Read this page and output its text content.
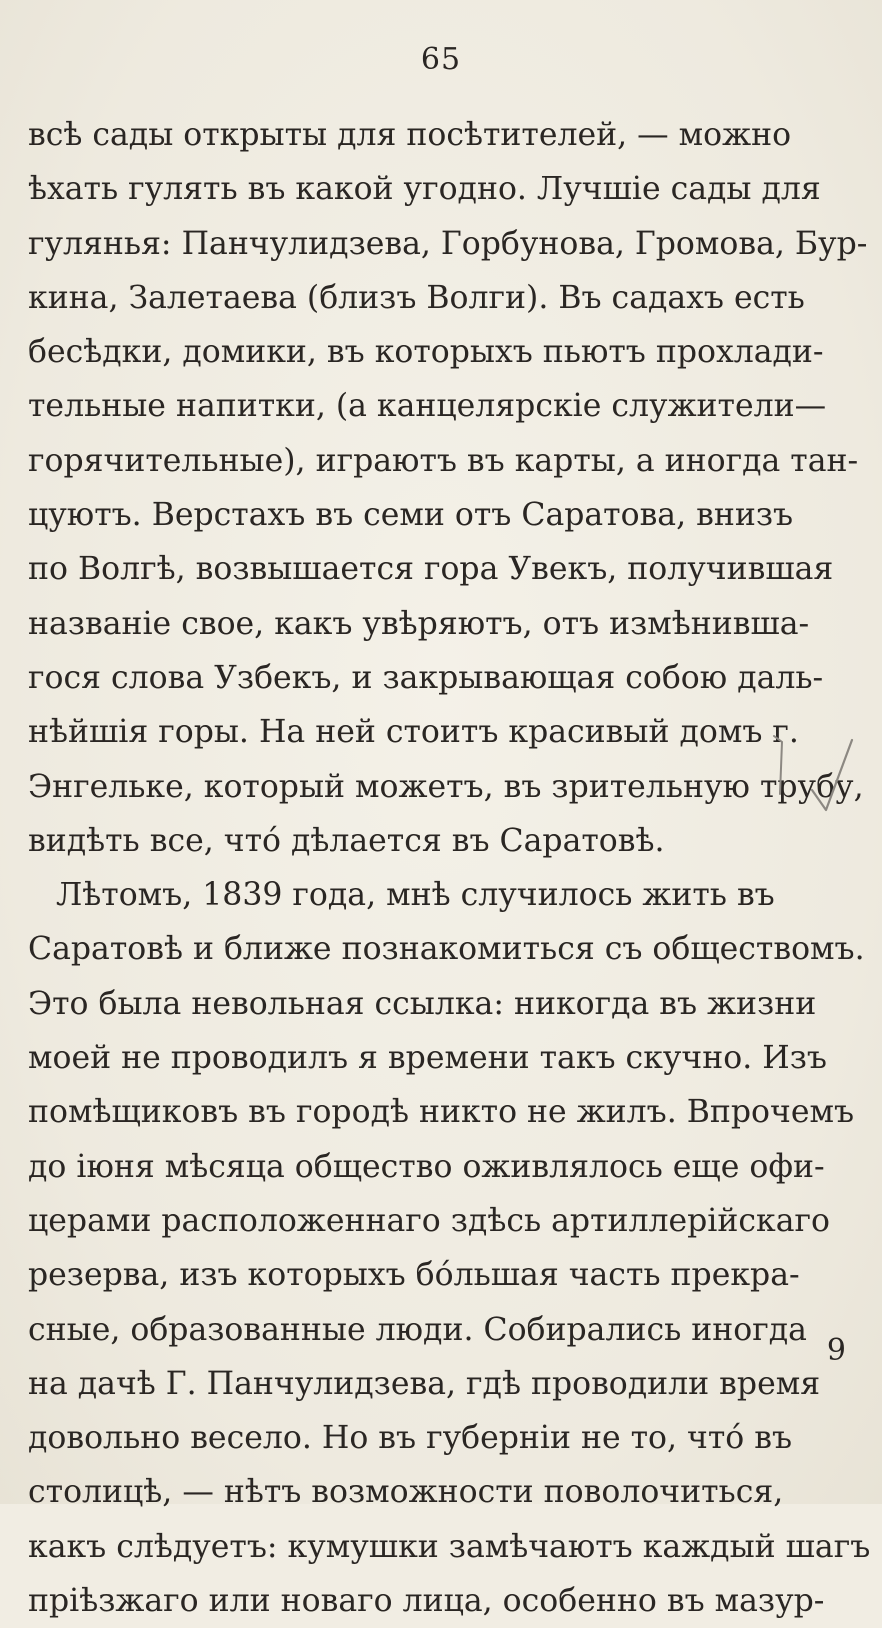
65
всѣ сады открыты для посѣтителей, — можно
ѣхать гулять въ какой угодно. Лучшіе сады для
гулянья: Панчулидзева, Горбунова, Громова, Бур-
кина, Залетаева (близъ Волги). Въ садахъ есть
бесѣдки, домики, въ которыхъ пьютъ прохлади-
тельные напитки, (а канцелярскіе служители—
горячительные), играютъ въ карты, а иногда тан-
цуютъ. Верстахъ въ семи отъ Саратова, внизъ
по Волгѣ, возвышается гора Увекъ, получившая
названіе свое, какъ увѣряютъ, отъ измѣнивша-
гося слова Узбекъ, и закрывающая собою даль-
нѣйшія горы. На ней стоитъ красивый домъ г.
Энгельке, который можетъ, въ зрительную трубу,
видѣть все, что́ дѣлается въ Саратовѣ.
Лѣтомъ, 1839 года, мнѣ случилось жить въ
Саратовѣ и ближе познакомиться съ обществомъ.
Это была невольная ссылка: никогда въ жизни
моей не проводилъ я времени такъ скучно. Изъ
помѣщиковъ въ городѣ никто не жилъ. Впрочемъ
до іюня мѣсяца общество оживлялось еще офи-
церами расположеннаго здѣсь артиллерійскаго
резерва, изъ которыхъ бо́льшая часть прекра-
сные, образованные люди. Собирались иногда
на дачѣ Г. Панчулидзева, гдѣ проводили время
довольно весело. Но въ губерніи не то, что́ въ
столицѣ, — нѣтъ возможности поволочиться,
какъ слѣдуетъ: кумушки замѣчаютъ каждый шагъ
пріѣзжаго или новаго лица, особенно въ мазур-
9
